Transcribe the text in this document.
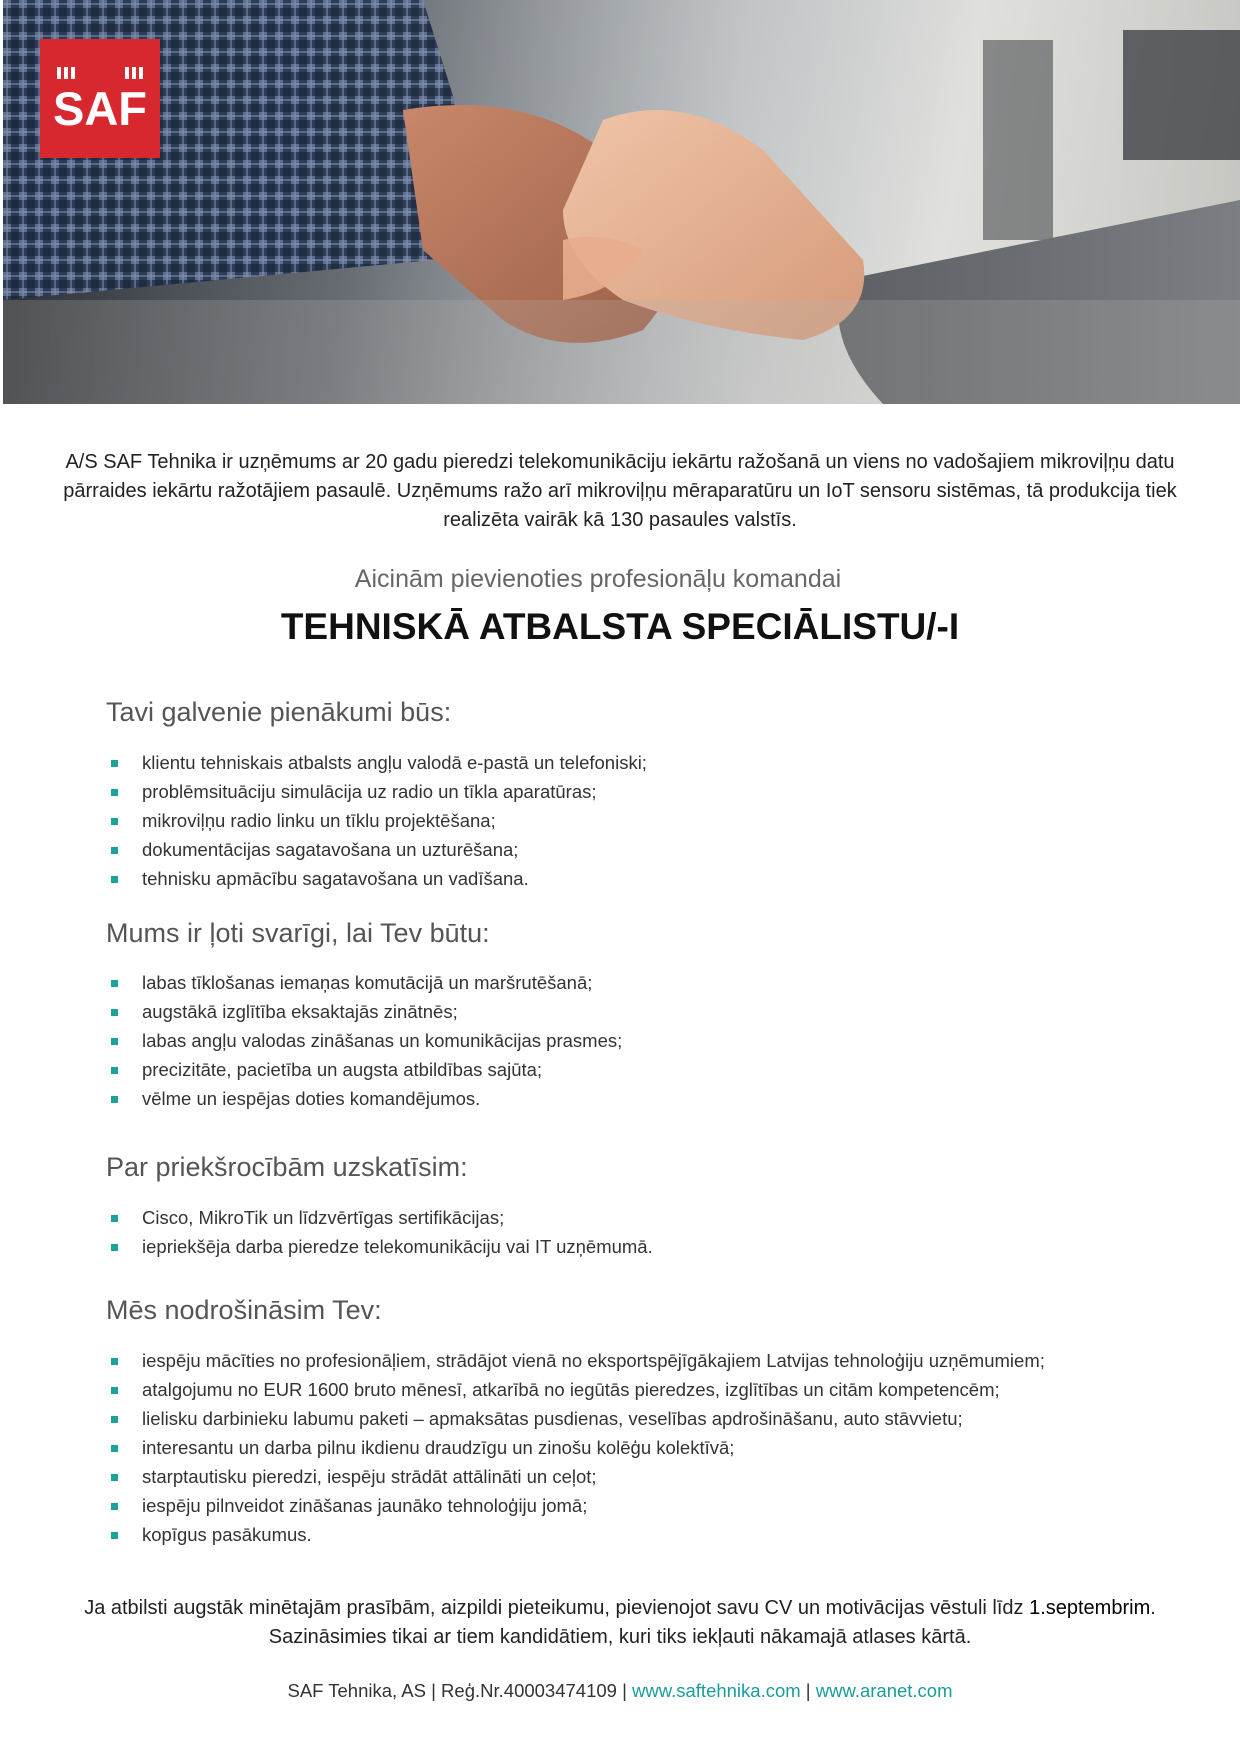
SAF
A/S SAF Tehnika ir uzņēmums ar 20 gadu pieredzi telekomunikāciju iekārtu ražošanā un viens no vadošajiem mikroviļņu datu pārraides iekārtu ražotājiem pasaulē. Uzņēmums ražo arī mikroviļņu mēraparatūru un IoT sensoru sistēmas, tā produkcija tiek realizēta vairāk kā 130 pasaules valstīs.
Aicinām pievienoties profesionāļu komandai
TEHNISKĀ ATBALSTA SPECIĀLISTU/-I
Tavi galvenie pienākumi būs:
klientu tehniskais atbalsts angļu valodā e-pastā un telefoniski;
problēmsituāciju simulācija uz radio un tīkla aparatūras;
mikroviļņu radio linku un tīklu projektēšana;
dokumentācijas sagatavošana un uzturēšana;
tehnisku apmācību sagatavošana un vadīšana.
Mums ir ļoti svarīgi, lai Tev būtu:
labas tīklošanas iemaņas komutācijā un maršrutēšanā;
augstākā izglītība eksaktajās zinātnēs;
labas angļu valodas zināšanas un komunikācijas prasmes;
precizitāte, pacietība un augsta atbildības sajūta;
vēlme un iespējas doties komandējumos.
Par priekšrocībām uzskatīsim:
Cisco, MikroTik un līdzvērtīgas sertifikācijas;
iepriekšēja darba pieredze telekomunikāciju vai IT uzņēmumā.
Mēs nodrošināsim Tev:
iespēju mācīties no profesionāļiem, strādājot vienā no eksportspējīgākajiem Latvijas tehnoloģiju uzņēmumiem;
atalgojumu no EUR 1600 bruto mēnesī, atkarībā no iegūtās pieredzes, izglītības un citām kompetencēm;
lielisku darbinieku labumu paketi – apmaksātas pusdienas, veselības apdrošināšanu, auto stāvvietu;
interesantu un darba pilnu ikdienu draudzīgu un zinošu kolēģu kolektīvā;
starptautisku pieredzi, iespēju strādāt attālināti un ceļot;
iespēju pilnveidot zināšanas jaunāko tehnoloģiju jomā;
kopīgus pasākumus.
Ja atbilsti augstāk minētajām prasībām, aizpildi pieteikumu, pievienojot savu CV un motivācijas vēstuli līdz 1.septembrim. Sazināsimies tikai ar tiem kandidātiem, kuri tiks iekļauti nākamajā atlases kārtā.
SAF Tehnika, AS | Reģ.Nr.40003474109 | www.saftehnika.com | www.aranet.com
